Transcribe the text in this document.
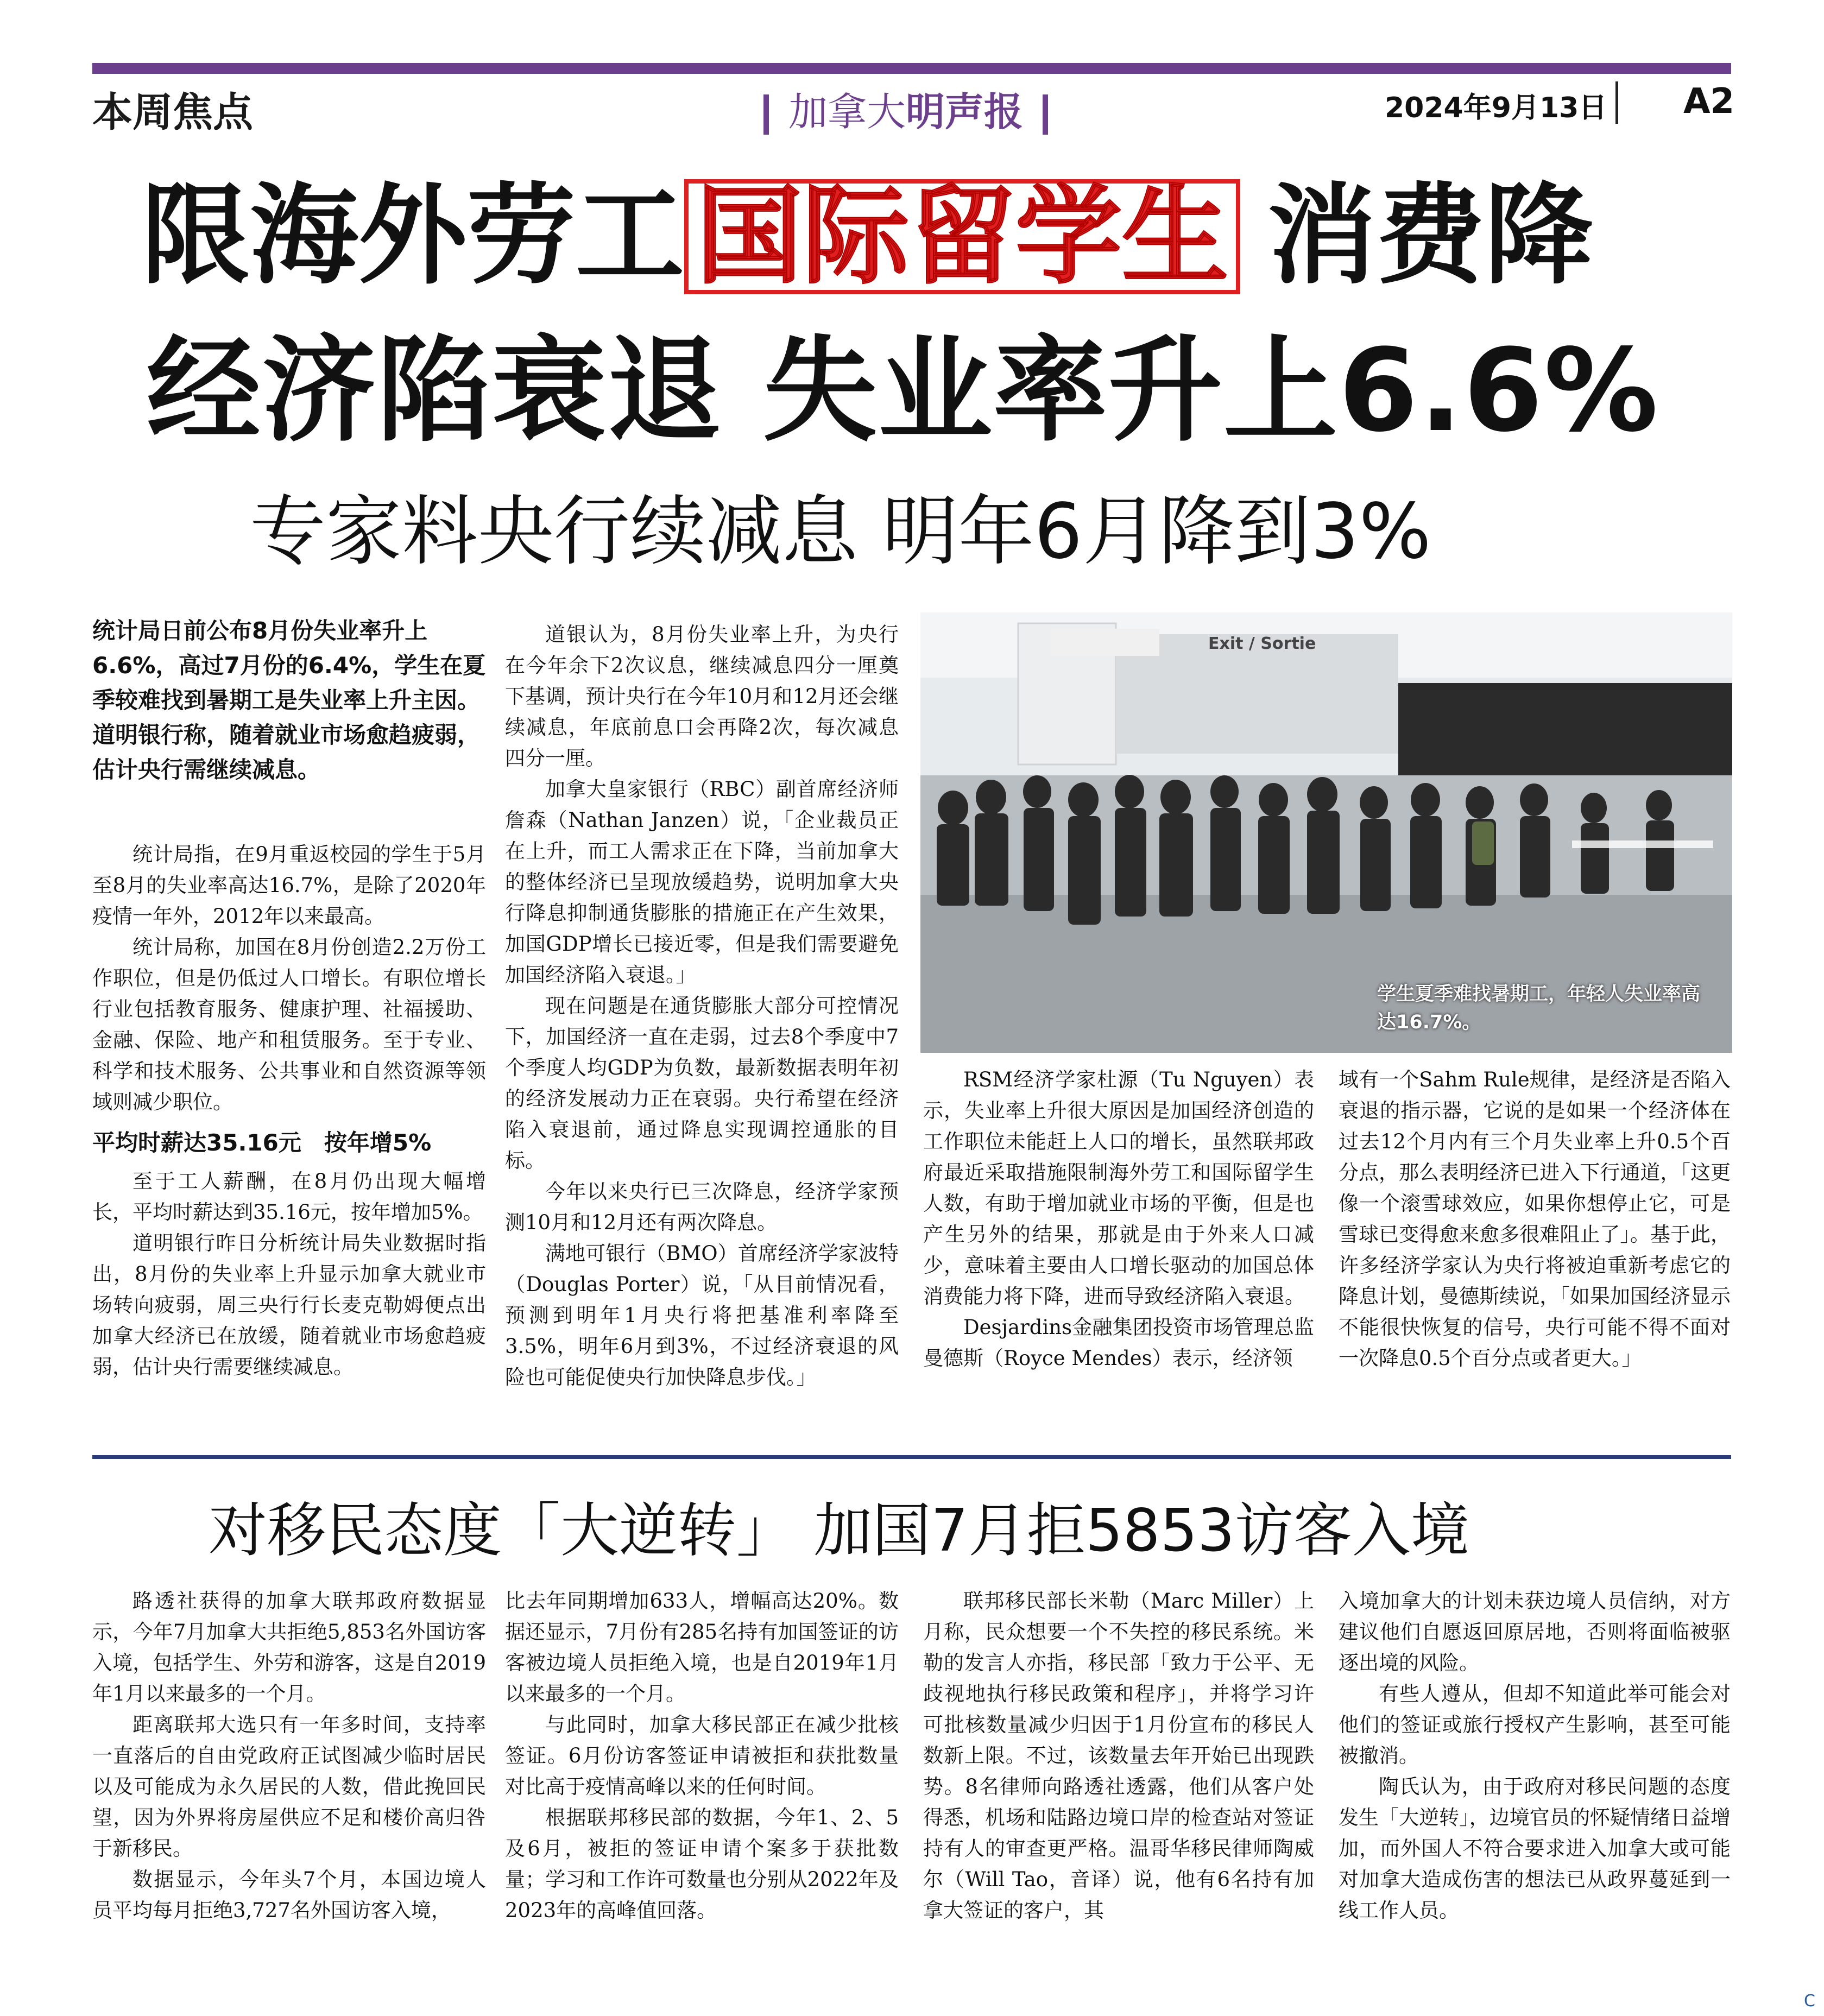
本周焦点	加拿大明声报	2024年9月13日 A2
限海外劳工 国际留学生 消费降
经济陷衰退 失业率升上6.6%
专家料央行续减息 明年6月降到3%
统计局日前公布8月份失业率升上6.6%，高过7月份的6.4%，学生在夏季较难找到暑期工是失业率上升主因。道明银行称，随着就业市场愈趋疲弱，估计央行需继续减息。

统计局指，在9月重返校园的学生于5月至8月的失业率高达16.7%，是除了2020年疫情一年外，2012年以来最高。

统计局称，加国在8月份创造2.2万份工作职位，但是仍低过人口增长。有职位增长行业包括教育服务、健康护理、社福援助、金融、保险、地产和租赁服务。至于专业、科学和技术服务、公共事业和自然资源等领域则减少职位。

平均时薪达35.16元　按年增5%

至于工人薪酬，在8月仍出现大幅增长，平均时薪达到35.16元，按年增加5%。

道明银行昨日分析统计局失业数据时指出，8月份的失业率上升显示加拿大就业市场转向疲弱，周三央行行长麦克勒姆便点出加拿大经济已在放缓，随着就业市场愈趋疲弱，估计央行需要继续减息。

道银认为，8月份失业率上升，为央行在今年余下2次议息，继续减息四分一厘奠下基调，预计央行在今年10月和12月还会继续减息，年底前息口会再降2次，每次减息四分一厘。

加拿大皇家银行（RBC）副首席经济师詹森（Nathan Janzen）说，「企业裁员正在上升，而工人需求正在下降，当前加拿大的整体经济已呈现放缓趋势，说明加拿大央行降息抑制通货膨胀的措施正在产生效果，加国GDP增长已接近零，但是我们需要避免加国经济陷入衰退。」

现在问题是在通货膨胀大部分可控情况下，加国经济一直在走弱，过去8个季度中7个季度人均GDP为负数，最新数据表明年初的经济发展动力正在衰弱。央行希望在经济陷入衰退前，通过降息实现调控通胀的目标。

今年以来央行已三次降息，经济学家预测10月和12月还有两次降息。

满地可银行（BMO）首席经济学家波特（Douglas Porter）说，「从目前情况看，预测到明年1月央行将把基准利率降至3.5%，明年6月到3%，不过经济衰退的风险也可能促使央行加快降息步伐。」

Exit / Sortie
学生夏季难找暑期工，年轻人失业率高达16.7%。

RSM经济学家杜源（Tu Nguyen）表示，失业率上升很大原因是加国经济创造的工作职位未能赶上人口的增长，虽然联邦政府最近采取措施限制海外劳工和国际留学生人数，有助于增加就业市场的平衡，但是也产生另外的结果，那就是由于外来人口减少，意味着主要由人口增长驱动的加国总体消费能力将下降，进而导致经济陷入衰退。

Desjardins金融集团投资市场管理总监曼德斯（Royce Mendes）表示，经济领

域有一个Sahm Rule规律，是经济是否陷入衰退的指示器，它说的是如果一个经济体在过去12个月内有三个月失业率上升0.5个百分点，那么表明经济已进入下行通道，「这更像一个滚雪球效应，如果你想停止它，可是雪球已变得愈来愈多很难阻止了」。基于此，许多经济学家认为央行将被迫重新考虑它的降息计划，曼德斯续说，「如果加国经济显示不能很快恢复的信号，央行可能不得不面对一次降息0.5个百分点或者更大。」

对移民态度「大逆转」 加国7月拒5853访客入境

路透社获得的加拿大联邦政府数据显示，今年7月加拿大共拒绝5,853名外国访客入境，包括学生、外劳和游客，这是自2019年1月以来最多的一个月。

距离联邦大选只有一年多时间，支持率一直落后的自由党政府正试图减少临时居民以及可能成为永久居民的人数，借此挽回民望，因为外界将房屋供应不足和楼价高归咎于新移民。

数据显示，今年头7个月，本国边境人员平均每月拒绝3,727名外国访客入境，

比去年同期增加633人，增幅高达20%。数据还显示，7月份有285名持有加国签证的访客被边境人员拒绝入境，也是自2019年1月以来最多的一个月。

与此同时，加拿大移民部正在减少批核签证。6月份访客签证申请被拒和获批数量对比高于疫情高峰以来的任何时间。

根据联邦移民部的数据，今年1、2、5及6月，被拒的签证申请个案多于获批数量；学习和工作许可数量也分别从2022年及2023年的高峰值回落。

联邦移民部长米勒（Marc Miller）上月称，民众想要一个不失控的移民系统。米勒的发言人亦指，移民部「致力于公平、无歧视地执行移民政策和程序」，并将学习许可批核数量减少归因于1月份宣布的移民人数新上限。不过，该数量去年开始已出现跌势。8名律师向路透社透露，他们从客户处得悉，机场和陆路边境口岸的检查站对签证持有人的审查更严格。温哥华移民律师陶威尔（Will Tao，音译）说，他有6名持有加拿大签证的客户，其

入境加拿大的计划未获边境人员信纳，对方建议他们自愿返回原居地，否则将面临被驱逐出境的风险。

有些人遵从，但却不知道此举可能会对他们的签证或旅行授权产生影响，甚至可能被撤消。

陶氏认为，由于政府对移民问题的态度发生「大逆转」，边境官员的怀疑情绪日益增加，而外国人不符合要求进入加拿大或可能对加拿大造成伤害的想法已从政界蔓延到一线工作人员。

C
